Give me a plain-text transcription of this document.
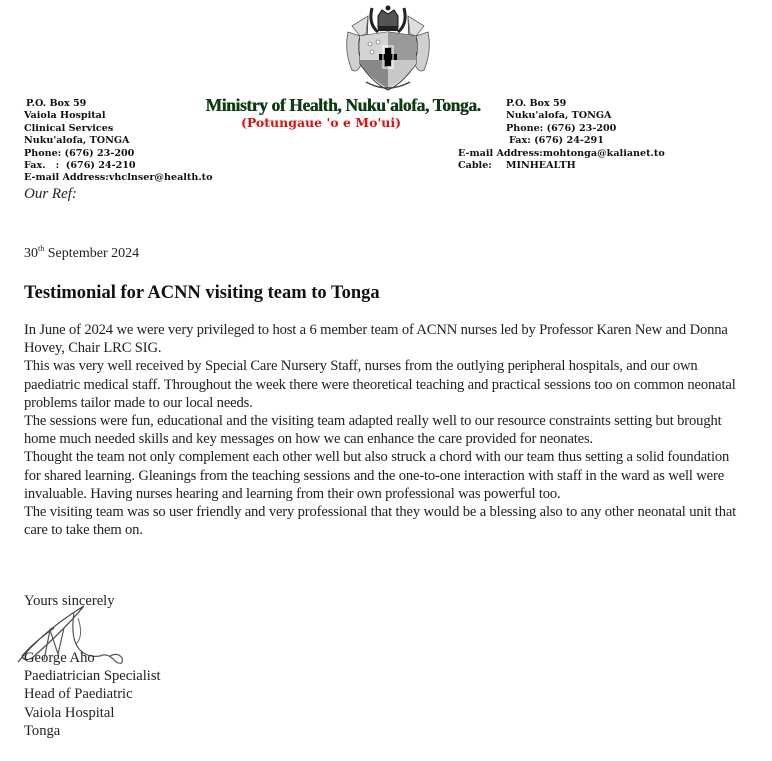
P.O. Box 59
Vaiola Hospital
Clinical Services
Nuku'alofa, TONGA
Phone: (676) 23-200
Fax.   :  (676) 24-210
E-mail Address:vhclnser@health.to
Our Ref:
Ministry of Health, Nuku'alofa, Tonga.
(Potungaue 'o e Mo'ui)
P.O. Box 59
Nuku'alofa, TONGA
Phone: (676) 23-200
Fax: (676) 24-291
E-mail Address:mohtonga@kalianet.to
Cable: MINHEALTH
30th September 2024
Testimonial for ACNN visiting team to Tonga

In June of 2024 we were very privileged to host a 6 member team of ACNN nurses led by Professor Karen New and Donna Hovey, Chair LRC SIG.

This was very well received by Special Care Nursery Staff, nurses from the outlying peripheral hospitals, and our own paediatric medical staff. Throughout the week there were theoretical teaching and practical sessions too on common neonatal problems tailor made to our local needs.

The sessions were fun, educational and the visiting team adapted really well to our resource constraints setting but brought home much needed skills and key messages on how we can enhance the care provided for neonates.

Thought the team not only complement each other well but also struck a chord with our team thus setting a solid foundation for shared learning. Gleanings from the teaching sessions and the one-to-one interaction with staff in the ward as well were invaluable. Having nurses hearing and learning from their own professional was powerful too.

The visiting team was so user friendly and very professional that they would be a blessing also to any other neonatal unit that care to take them on.

Yours sincerely
George Aho
Paediatrician Specialist
Head of Paediatric
Vaiola Hospital
Tonga
